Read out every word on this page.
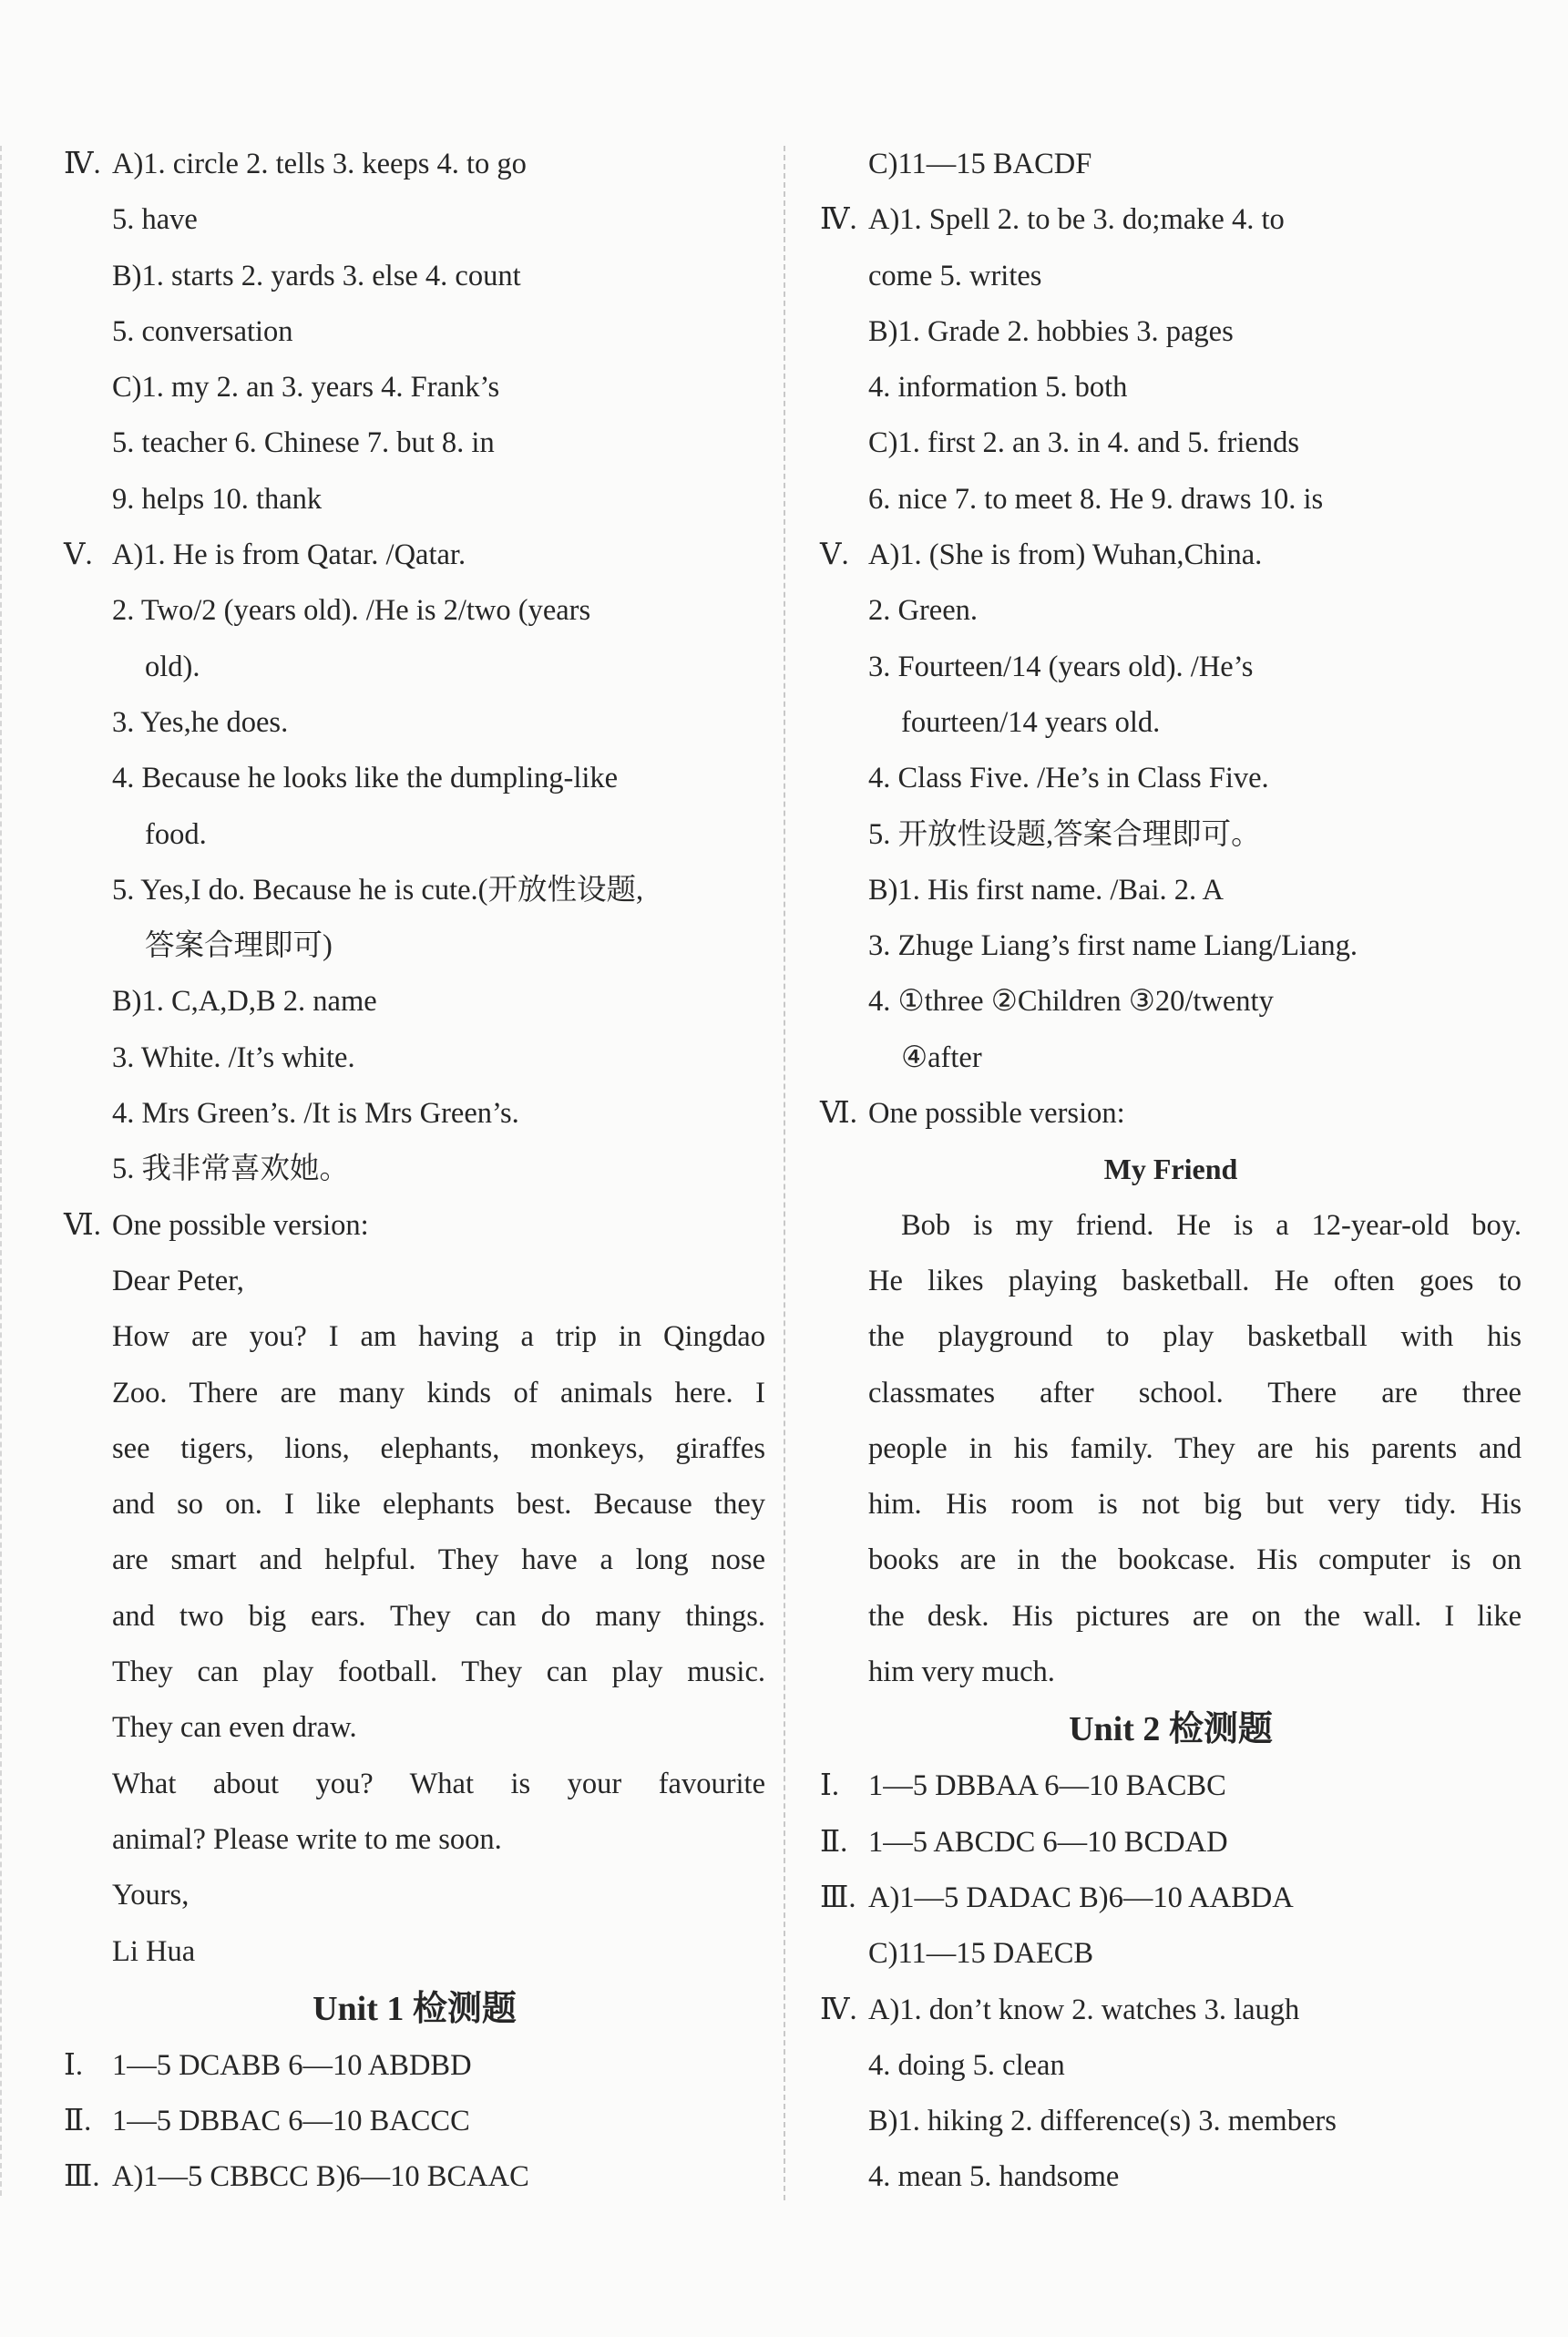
Ⅳ. A)1. circle 2. tells 3. keeps 4. to go
5. have
B)1. starts 2. yards 3. else 4. count
5. conversation
C)1. my 2. an 3. years 4. Frank’s
5. teacher 6. Chinese 7. but 8. in
9. helps 10. thank
Ⅴ. A)1. He is from Qatar. /Qatar.
2. Two/2 (years old). /He is 2/two (years
old).
3. Yes,he does.
4. Because he looks like the dumpling-like
food.
5. Yes,I do. Because he is cute.(开放性设题,
答案合理即可)
B)1. C,A,D,B 2. name
3. White. /It’s white.
4. Mrs Green’s. /It is Mrs Green’s.
5. 我非常喜欢她。
Ⅵ. One possible version:
Dear Peter,
How are you? I am having a trip in Qingdao
Zoo. There are many kinds of animals here. I
see tigers, lions, elephants, monkeys, giraffes
and so on. I like elephants best. Because they
are smart and helpful. They have a long nose
and two big ears. They can do many things.
They can play football. They can play music.
They can even draw.
What about you? What is your favourite
animal? Please write to me soon.
Yours,
Li Hua
Unit 1 检测题
Ⅰ. 1—5 DCABB 6—10 ABDBD
Ⅱ. 1—5 DBBAC 6—10 BACCC
Ⅲ. A)1—5 CBBCC B)6—10 BCAAC
C)11—15 BACDF
Ⅳ. A)1. Spell 2. to be 3. do;make 4. to
come 5. writes
B)1. Grade 2. hobbies 3. pages
4. information 5. both
C)1. first 2. an 3. in 4. and 5. friends
6. nice 7. to meet 8. He 9. draws 10. is
Ⅴ. A)1. (She is from) Wuhan,China.
2. Green.
3. Fourteen/14 (years old). /He’s
fourteen/14 years old.
4. Class Five. /He’s in Class Five.
5. 开放性设题,答案合理即可。
B)1. His first name. /Bai. 2. A
3. Zhuge Liang’s first name Liang/Liang.
4. ①three ②Children ③20/twenty
④after
Ⅵ. One possible version:
My Friend
Bob is my friend. He is a 12-year-old boy.
He likes playing basketball. He often goes to
the playground to play basketball with his
classmates after school. There are three
people in his family. They are his parents and
him. His room is not big but very tidy. His
books are in the bookcase. His computer is on
the desk. His pictures are on the wall. I like
him very much.
Unit 2 检测题
Ⅰ. 1—5 DBBAA 6—10 BACBC
Ⅱ. 1—5 ABCDC 6—10 BCDAD
Ⅲ. A)1—5 DADAC B)6—10 AABDA
C)11—15 DAECB
Ⅳ. A)1. don’t know 2. watches 3. laugh
4. doing 5. clean
B)1. hiking 2. difference(s) 3. members
4. mean 5. handsome
